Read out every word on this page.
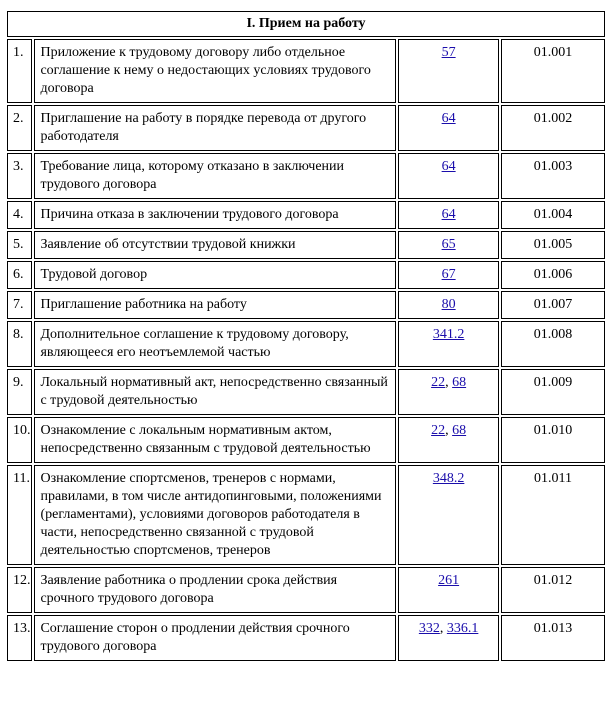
I. Прием на работу			
1.	Приложение к трудовому договору либо отдельное соглашение к нему о недостающих условиях трудового договора	57	01.001
2.	Приглашение на работу в порядке перевода от другого работодателя	64	01.002
3.	Требование лица, которому отказано в заключении трудового договора	64	01.003
4.	Причина отказа в заключении трудового договора	64	01.004
5.	Заявление об отсутствии трудовой книжки	65	01.005
6.	Трудовой договор	67	01.006
7.	Приглашение работника на работу	80	01.007
8.	Дополнительное соглашение к трудовому договору, являющееся его неотъемлемой частью	341.2	01.008
9.	Локальный нормативный акт, непосредственно связанный с трудовой деятельностью	22, 68	01.009
10.	Ознакомление с локальным нормативным актом, непосредственно связанным с трудовой деятельностью	22, 68	01.010
11.	Ознакомление спортсменов, тренеров с нормами, правилами, в том числе антидопинговыми, положениями (регламентами), условиями договоров работодателя в части, непосредственно связанной с трудовой деятельностью спортсменов, тренеров	348.2	01.011
12.	Заявление работника о продлении срока действия срочного трудового договора	261	01.012
13.	Соглашение сторон о продлении действия срочного трудового договора	332, 336.1	01.013
